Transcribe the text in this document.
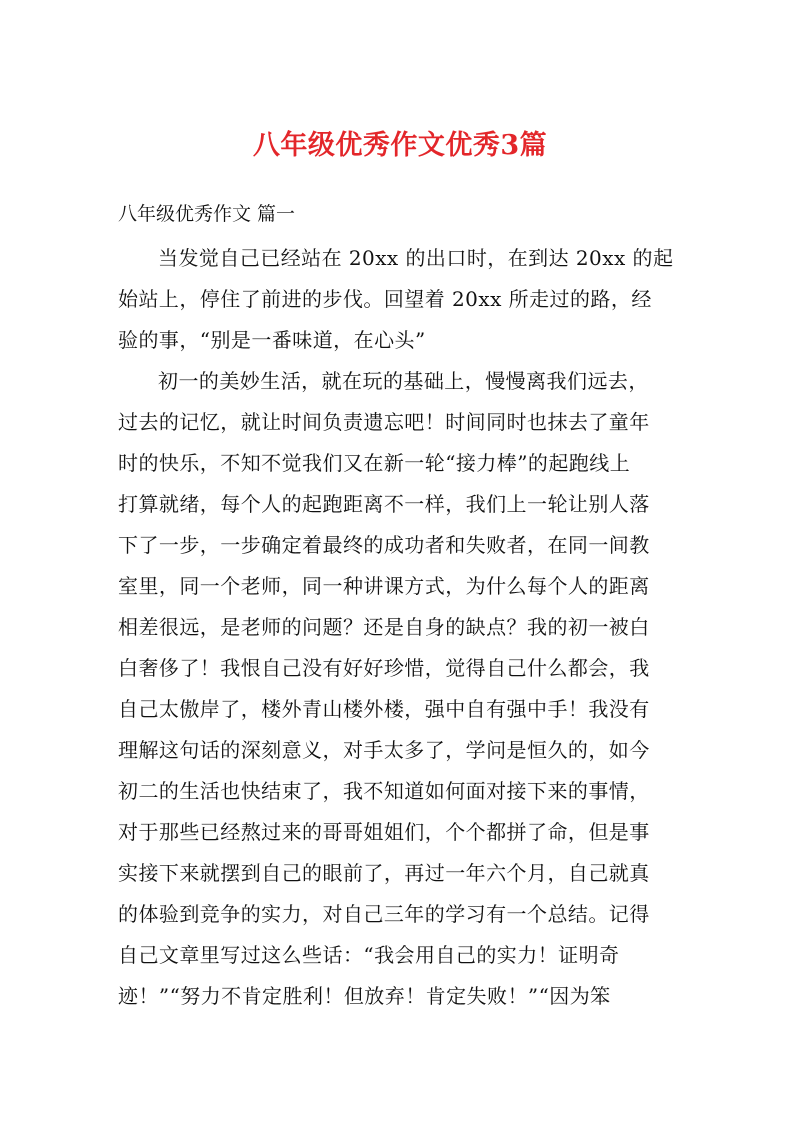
八年级优秀作文优秀3篇
八年级优秀作文 篇一
当发觉自己已经站在 20xx 的出口时，在到达 20xx 的起
始站上，停住了前进的步伐。回望着 20xx 所走过的路，经
验的事，“别是一番味道，在心头”
初一的美妙生活，就在玩的基础上，慢慢离我们远去，
过去的记忆，就让时间负责遗忘吧！时间同时也抹去了童年
时的快乐，不知不觉我们又在新一轮“接力棒”的起跑线上
打算就绪，每个人的起跑距离不一样，我们上一轮让别人落
下了一步，一步确定着最终的成功者和失败者，在同一间教
室里，同一个老师，同一种讲课方式，为什么每个人的距离
相差很远，是老师的问题？还是自身的缺点？我的初一被白
白奢侈了！我恨自己没有好好珍惜，觉得自己什么都会，我
自己太傲岸了，楼外青山楼外楼，强中自有强中手！我没有
理解这句话的深刻意义，对手太多了，学问是恒久的，如今
初二的生活也快结束了，我不知道如何面对接下来的事情，
对于那些已经熬过来的哥哥姐姐们，个个都拼了命，但是事
实接下来就摆到自己的眼前了，再过一年六个月，自己就真
的体验到竞争的实力，对自己三年的学习有一个总结。记得
自己文章里写过这么些话：“我会用自己的实力！证明奇
迹！”“努力不肯定胜利！但放弃！肯定失败！”“因为笨
